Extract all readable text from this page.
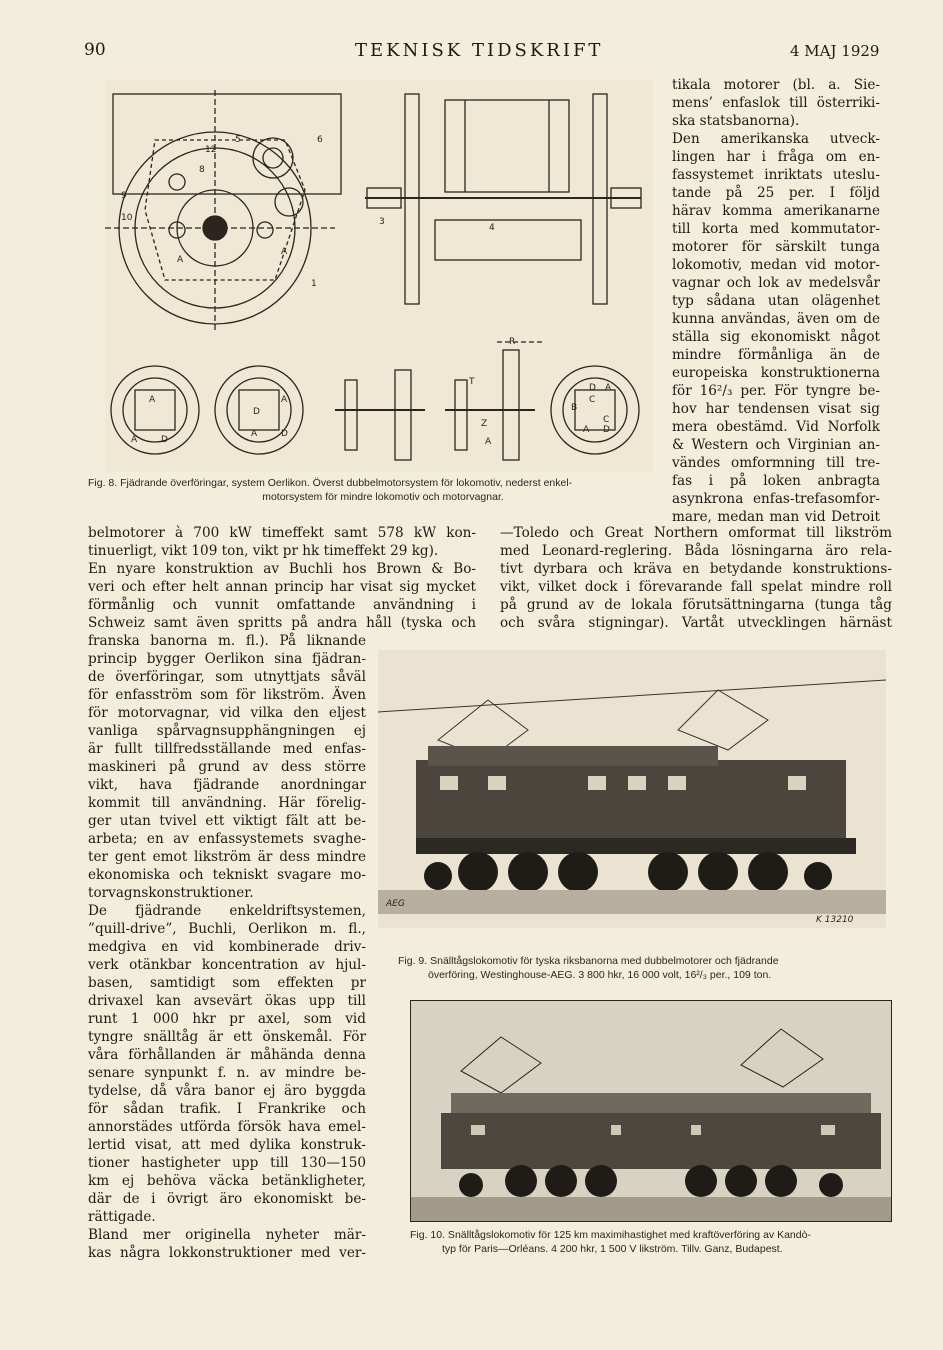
90	TEKNISK TIDSKRIFT	4 MAJ 1929
12
5	6
8
9
10
A
A
1
3
4
A
A	D
D
A
A	D
D A
B
C
C
A D
T
Z
R
A
Fig. 8. Fjädrande överföringar, system Oerlikon. Överst dubbelmotorsystem för lokomotiv, nederst enkel-
motorsystem för mindre lokomotiv och motorvagnar.
tikala motorer (bl. a. Sie-
mens’ enfaslok till österriki-
ska statsbanorna).
Den amerikanska utveck-
lingen har i fråga om en-
fassystemet inriktats uteslu-
tande på 25 per. I följd
härav komma amerikanarne
till korta med kommutator-
motorer för särskilt tunga
lokomotiv, medan vid motor-
vagnar och lok av medelsvår
typ sådana utan olägenhet
kunna användas, även om de
ställa sig ekonomiskt något
mindre förmånliga än de
europeiska konstruktionerna
för 16²/₃ per. För tyngre be-
hov har tendensen visat sig
mera obestämd. Vid Norfolk
& Western och Virginian an-
vändes omformning till tre-
fas i på loken anbragta
asynkrona enfas-trefasomfor-
mare, medan man vid Detroit
belmotorer à 700 kW timeffekt samt 578 kW kon-
tinuerligt, vikt 109 ton, vikt pr hk timeffekt 29 kg).
En nyare konstruktion av Buchli hos Brown & Bo-
veri och efter helt annan princip har visat sig mycket
förmånlig och vunnit omfattande användning i
Schweiz samt även spritts på andra håll (tyska och
—Toledo och Great Northern omformat till likström
med Leonard-reglering. Båda lösningarna äro rela-
tivt dyrbara och kräva en betydande konstruktions-
vikt, vilket dock i förevarande fall spelat mindre roll
på grund av de lokala förutsättningarna (tunga tåg
och svåra stigningar). Vartåt utvecklingen härnäst
franska banorna m. fl.). På liknande
princip bygger Oerlikon sina fjädran-
de överföringar, som utnyttjats såväl
för enfasström som för likström. Även
för motorvagnar, vid vilka den eljest
vanliga spårvagnsupphängningen ej
är fullt tillfredsställande med enfas-
maskineri på grund av dess större
vikt, hava fjädrande anordningar
kommit till användning. Här förelig-
ger utan tvivel ett viktigt fält att be-
arbeta; en av enfassystemets svaghe-
ter gent emot likström är dess mindre
ekonomiska och tekniskt svagare mo-
torvagnskonstruktioner.
De fjädrande enkeldriftsystemen,
”quill-drive”, Buchli, Oerlikon m. fl.,
medgiva en vid kombinerade driv-
verk otänkbar koncentration av hjul-
basen, samtidigt som effekten pr
drivaxel kan avsevärt ökas upp till
runt 1 000 hkr pr axel, som vid
tyngre snälltåg är ett önskemål. För
våra förhållanden är måhända denna
senare synpunkt f. n. av mindre be-
tydelse, då våra banor ej äro byggda
för sådan trafik. I Frankrike och
annorstädes utförda försök hava emel-
lertid visat, att med dylika konstruk-
tioner hastigheter upp till 130—150
km ej behöva väcka betänkligheter,
där de i övrigt äro ekonomiskt be-
rättigade.
Bland mer originella nyheter mär-
kas några lokkonstruktioner med ver-
AEG
K 13210
Fig. 9. Snälltågslokomotiv för tyska riksbanorna med dubbelmotorer och fjädrande
överföring, Westinghouse-AEG. 3 800 hkr, 16 000 volt, 16²/₃ per., 109 ton.
Fig. 10. Snälltågslokomotiv för 125 km maximihastighet med kraftöverföring av Kandò-
typ för Paris—Orléans. 4 200 hkr, 1 500 V likström. Tillv. Ganz, Budapest.
